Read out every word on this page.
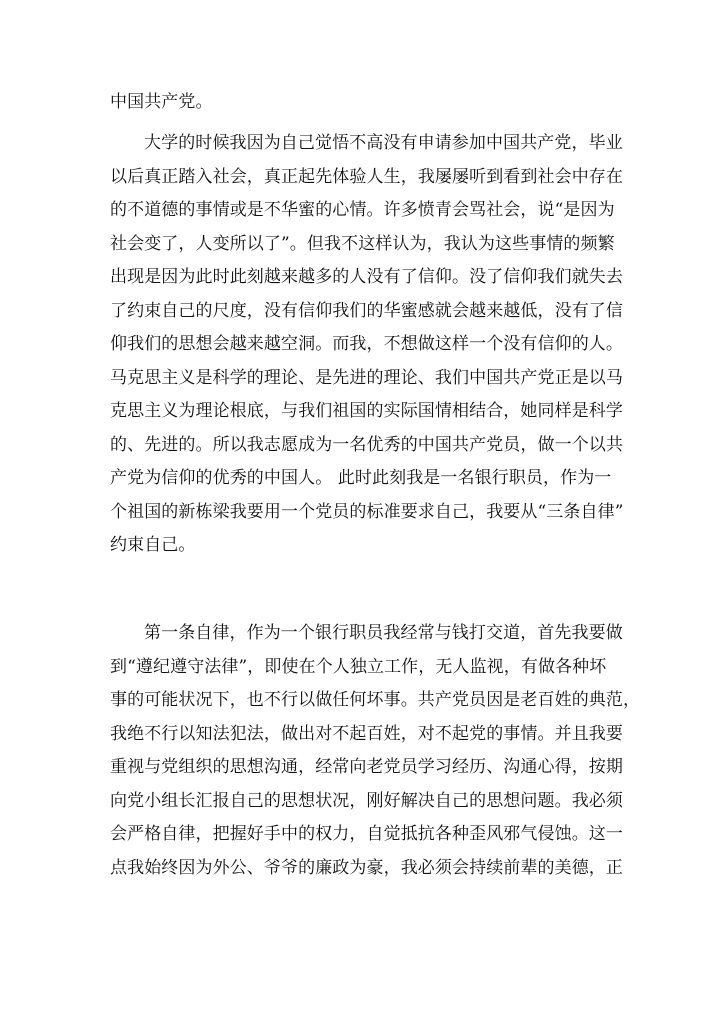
中国共产党。
大学的时候我因为自己觉悟不高没有申请参加中国共产党，毕业
以后真正踏入社会，真正起先体验人生，我屡屡听到看到社会中存在
的不道德的事情或是不华蜜的心情。许多愤青会骂社会，说“是因为
社会变了，人变所以了”。但我不这样认为，我认为这些事情的频繁
出现是因为此时此刻越来越多的人没有了信仰。没了信仰我们就失去
了约束自己的尺度，没有信仰我们的华蜜感就会越来越低，没有了信
仰我们的思想会越来越空洞。而我，不想做这样一个没有信仰的人。
马克思主义是科学的理论、是先进的理论、我们中国共产党正是以马
克思主义为理论根底，与我们祖国的实际国情相结合，她同样是科学
的、先进的。所以我志愿成为一名优秀的中国共产党员，做一个以共
产党为信仰的优秀的中国人。 此时此刻我是一名银行职员，作为一
个祖国的新栋梁我要用一个党员的标准要求自己，我要从“三条自律”
约束自己。
第一条自律，作为一个银行职员我经常与钱打交道，首先我要做
到“遵纪遵守法律”，即使在个人独立工作，无人监视，有做各种坏
事的可能状况下，也不行以做任何坏事。共产党员因是老百姓的典范，
我绝不行以知法犯法，做出对不起百姓，对不起党的事情。并且我要
重视与党组织的思想沟通，经常向老党员学习经历、沟通心得，按期
向党小组长汇报自己的思想状况，刚好解决自己的思想问题。我必须
会严格自律，把握好手中的权力，自觉抵抗各种歪风邪气侵蚀。这一
点我始终因为外公、爷爷的廉政为豪，我必须会持续前辈的美德，正
